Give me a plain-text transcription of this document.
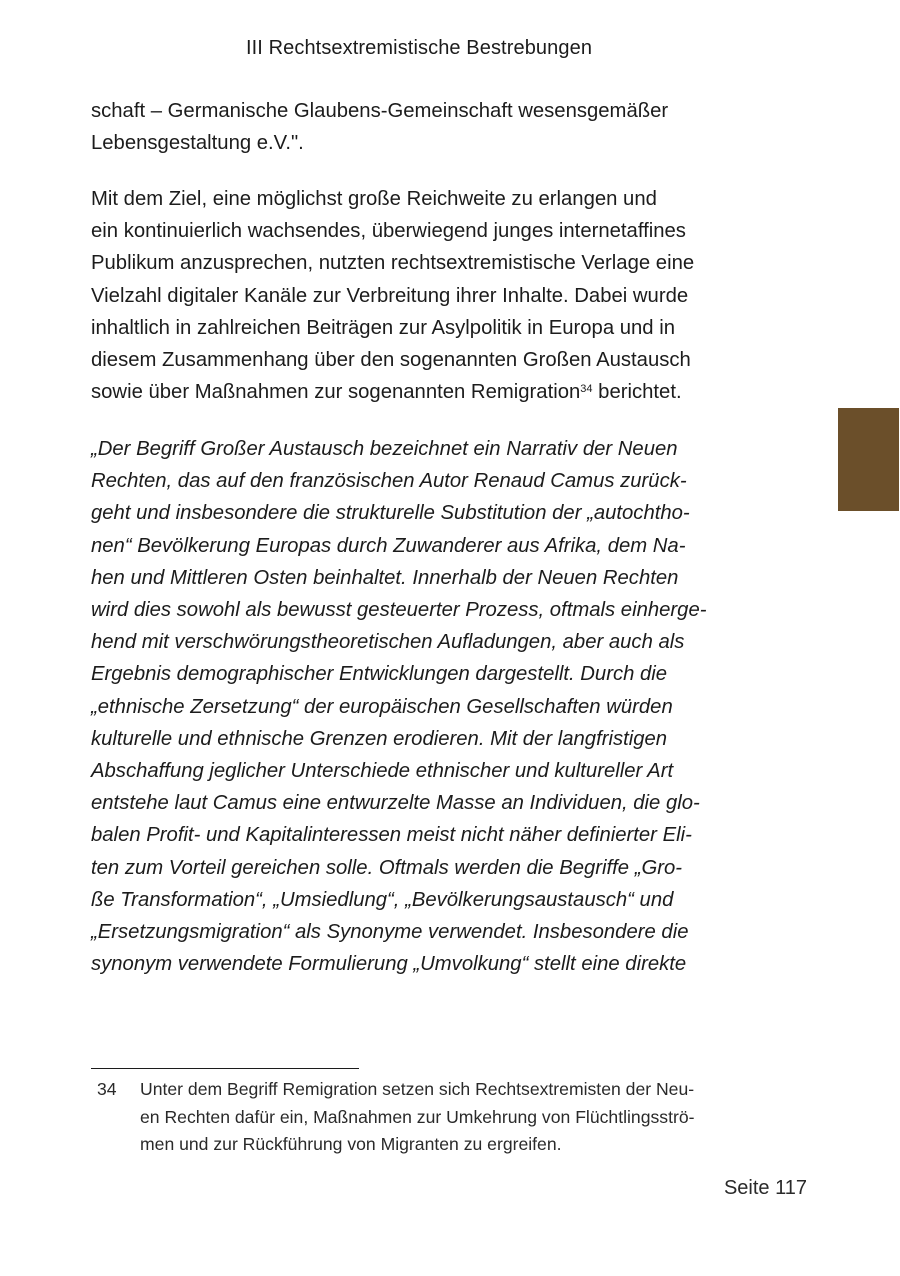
III Rechtsextremistische Bestrebungen

schaft – Germanische Glaubens-Gemeinschaft wesensgemäßer
Lebensgestaltung e.V.".

Mit dem Ziel, eine möglichst große Reichweite zu erlangen und
ein kontinuierlich wachsendes, überwiegend junges internetaffines
Publikum anzusprechen, nutzten rechtsextremistische Verlage eine
Vielzahl digitaler Kanäle zur Verbreitung ihrer Inhalte. Dabei wurde
inhaltlich in zahlreichen Beiträgen zur Asylpolitik in Europa und in
diesem Zusammenhang über den sogenannten Großen Austausch
sowie über Maßnahmen zur sogenannten Remigration$^{34}$ berichtet.

„Der Begriff Großer Austausch bezeichnet ein Narrativ der Neuen
Rechten, das auf den französischen Autor Renaud Camus zurück-
geht und insbesondere die strukturelle Substitution der „autochtho-
nen“ Bevölkerung Europas durch Zuwanderer aus Afrika, dem Na-
hen und Mittleren Osten beinhaltet. Innerhalb der Neuen Rechten
wird dies sowohl als bewusst gesteuerter Prozess, oftmals einherge-
hend mit verschwörungstheoretischen Aufladungen, aber auch als
Ergebnis demographischer Entwicklungen dargestellt. Durch die
„ethnische Zersetzung“ der europäischen Gesellschaften würden
kulturelle und ethnische Grenzen erodieren. Mit der langfristigen
Abschaffung jeglicher Unterschiede ethnischer und kultureller Art
entstehe laut Camus eine entwurzelte Masse an Individuen, die glo-
balen Profit- und Kapitalinteressen meist nicht näher definierter Eli-
ten zum Vorteil gereichen solle. Oftmals werden die Begriffe „Gro-
ße Transformation“, „Umsiedlung“, „Bevölkerungsaustausch“ und
„Ersetzungsmigration“ als Synonyme verwendet. Insbesondere die
synonym verwendete Formulierung „Umvolkung“ stellt eine direkte

34 Unter dem Begriff Remigration setzen sich Rechtsextremisten der Neu-
en Rechten dafür ein, Maßnahmen zur Umkehrung von Flüchtlingsströ-
men und zur Rückführung von Migranten zu ergreifen.
Seite 117
